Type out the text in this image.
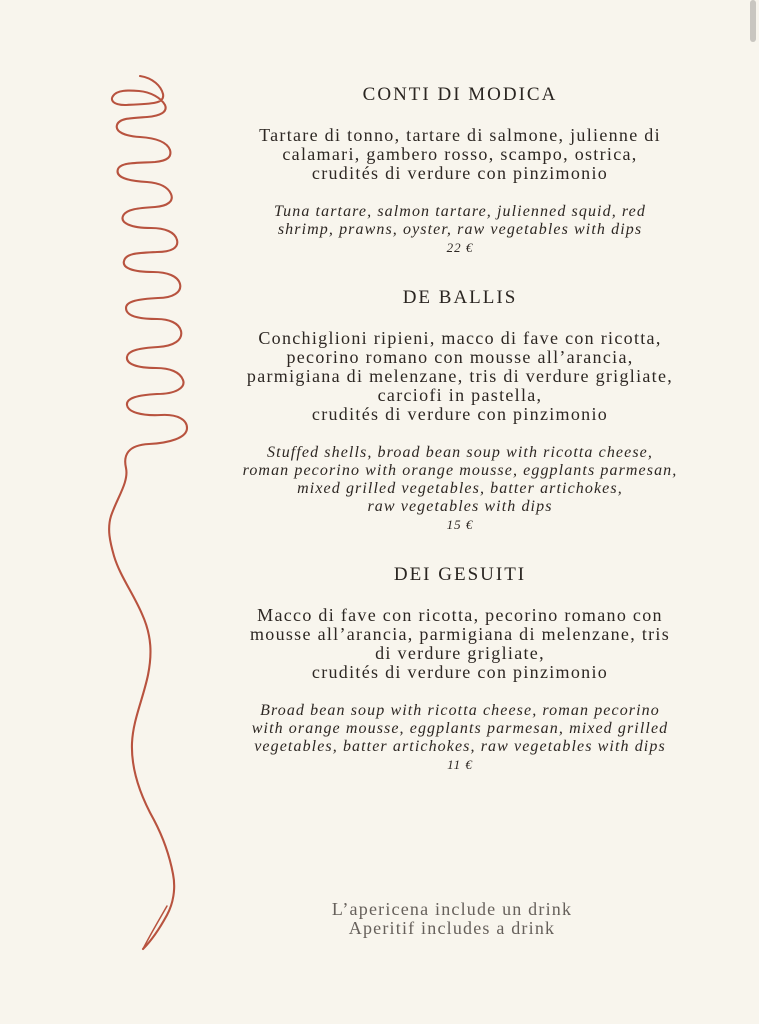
CONTI DI MODICA

Tartare di tonno, tartare di salmone, julienne di
calamari, gambero rosso, scampo, ostrica,
crudités di verdure con pinzimonio

Tuna tartare, salmon tartare, julienned squid, red
shrimp, prawns, oyster, raw vegetables with dips

22 €

DE BALLIS

Conchiglioni ripieni, macco di fave con ricotta,
pecorino romano con mousse all’arancia,
parmigiana di melenzane, tris di verdure grigliate,
carciofi in pastella,
crudités di verdure con pinzimonio

Stuffed shells, broad bean soup with ricotta cheese,
roman pecorino with orange mousse, eggplants parmesan,
mixed grilled vegetables, batter artichokes,
raw vegetables with dips

15 €

DEI GESUITI

Macco di fave con ricotta, pecorino romano con
mousse all’arancia, parmigiana di melenzane, tris
di verdure grigliate,
crudités di verdure con pinzimonio

Broad bean soup with ricotta cheese, roman pecorino
with orange mousse, eggplants parmesan, mixed grilled
vegetables, batter artichokes, raw vegetables with dips

11 €

L’apericena include un drink
Aperitif includes a drink
